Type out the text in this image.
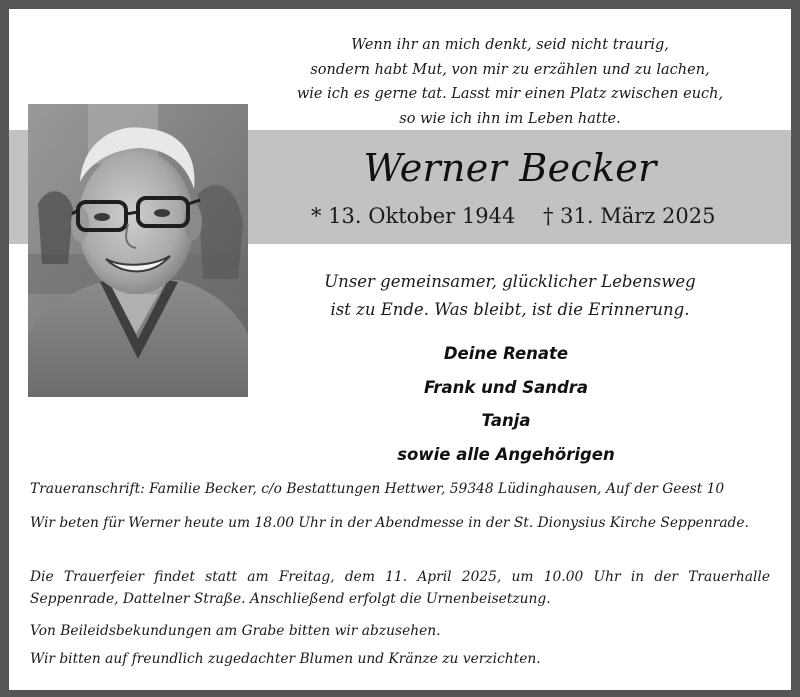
Wenn ihr an mich denkt, seid nicht traurig,
sondern habt Mut, von mir zu erzählen und zu lachen,
wie ich es gerne tat. Lasst mir einen Platz zwischen euch,
so wie ich ihn im Leben hatte.
Werner Becker
* 13. Oktober 1944 † 31. März 2025
Unser gemeinsamer, glücklicher Lebensweg
ist zu Ende. Was bleibt, ist die Erinnerung.
Deine Renate
Frank und Sandra
Tanja
sowie alle Angehörigen
Traueranschrift: Familie Becker, c/o Bestattungen Hettwer, 59348 Lüdinghausen, Auf der Geest 10
Wir beten für Werner heute um 18.00 Uhr in der Abendmesse in der St. Dionysius Kirche Seppenrade.
Die Trauerfeier findet statt am Freitag, dem 11. April 2025, um 10.00 Uhr in der Trauerhalle Seppenrade, Dattelner Straße. Anschließend erfolgt die Urnenbeisetzung.
Von Beileidsbekundungen am Grabe bitten wir abzusehen.
Wir bitten auf freundlich zugedachter Blumen und Kränze zu verzichten.
